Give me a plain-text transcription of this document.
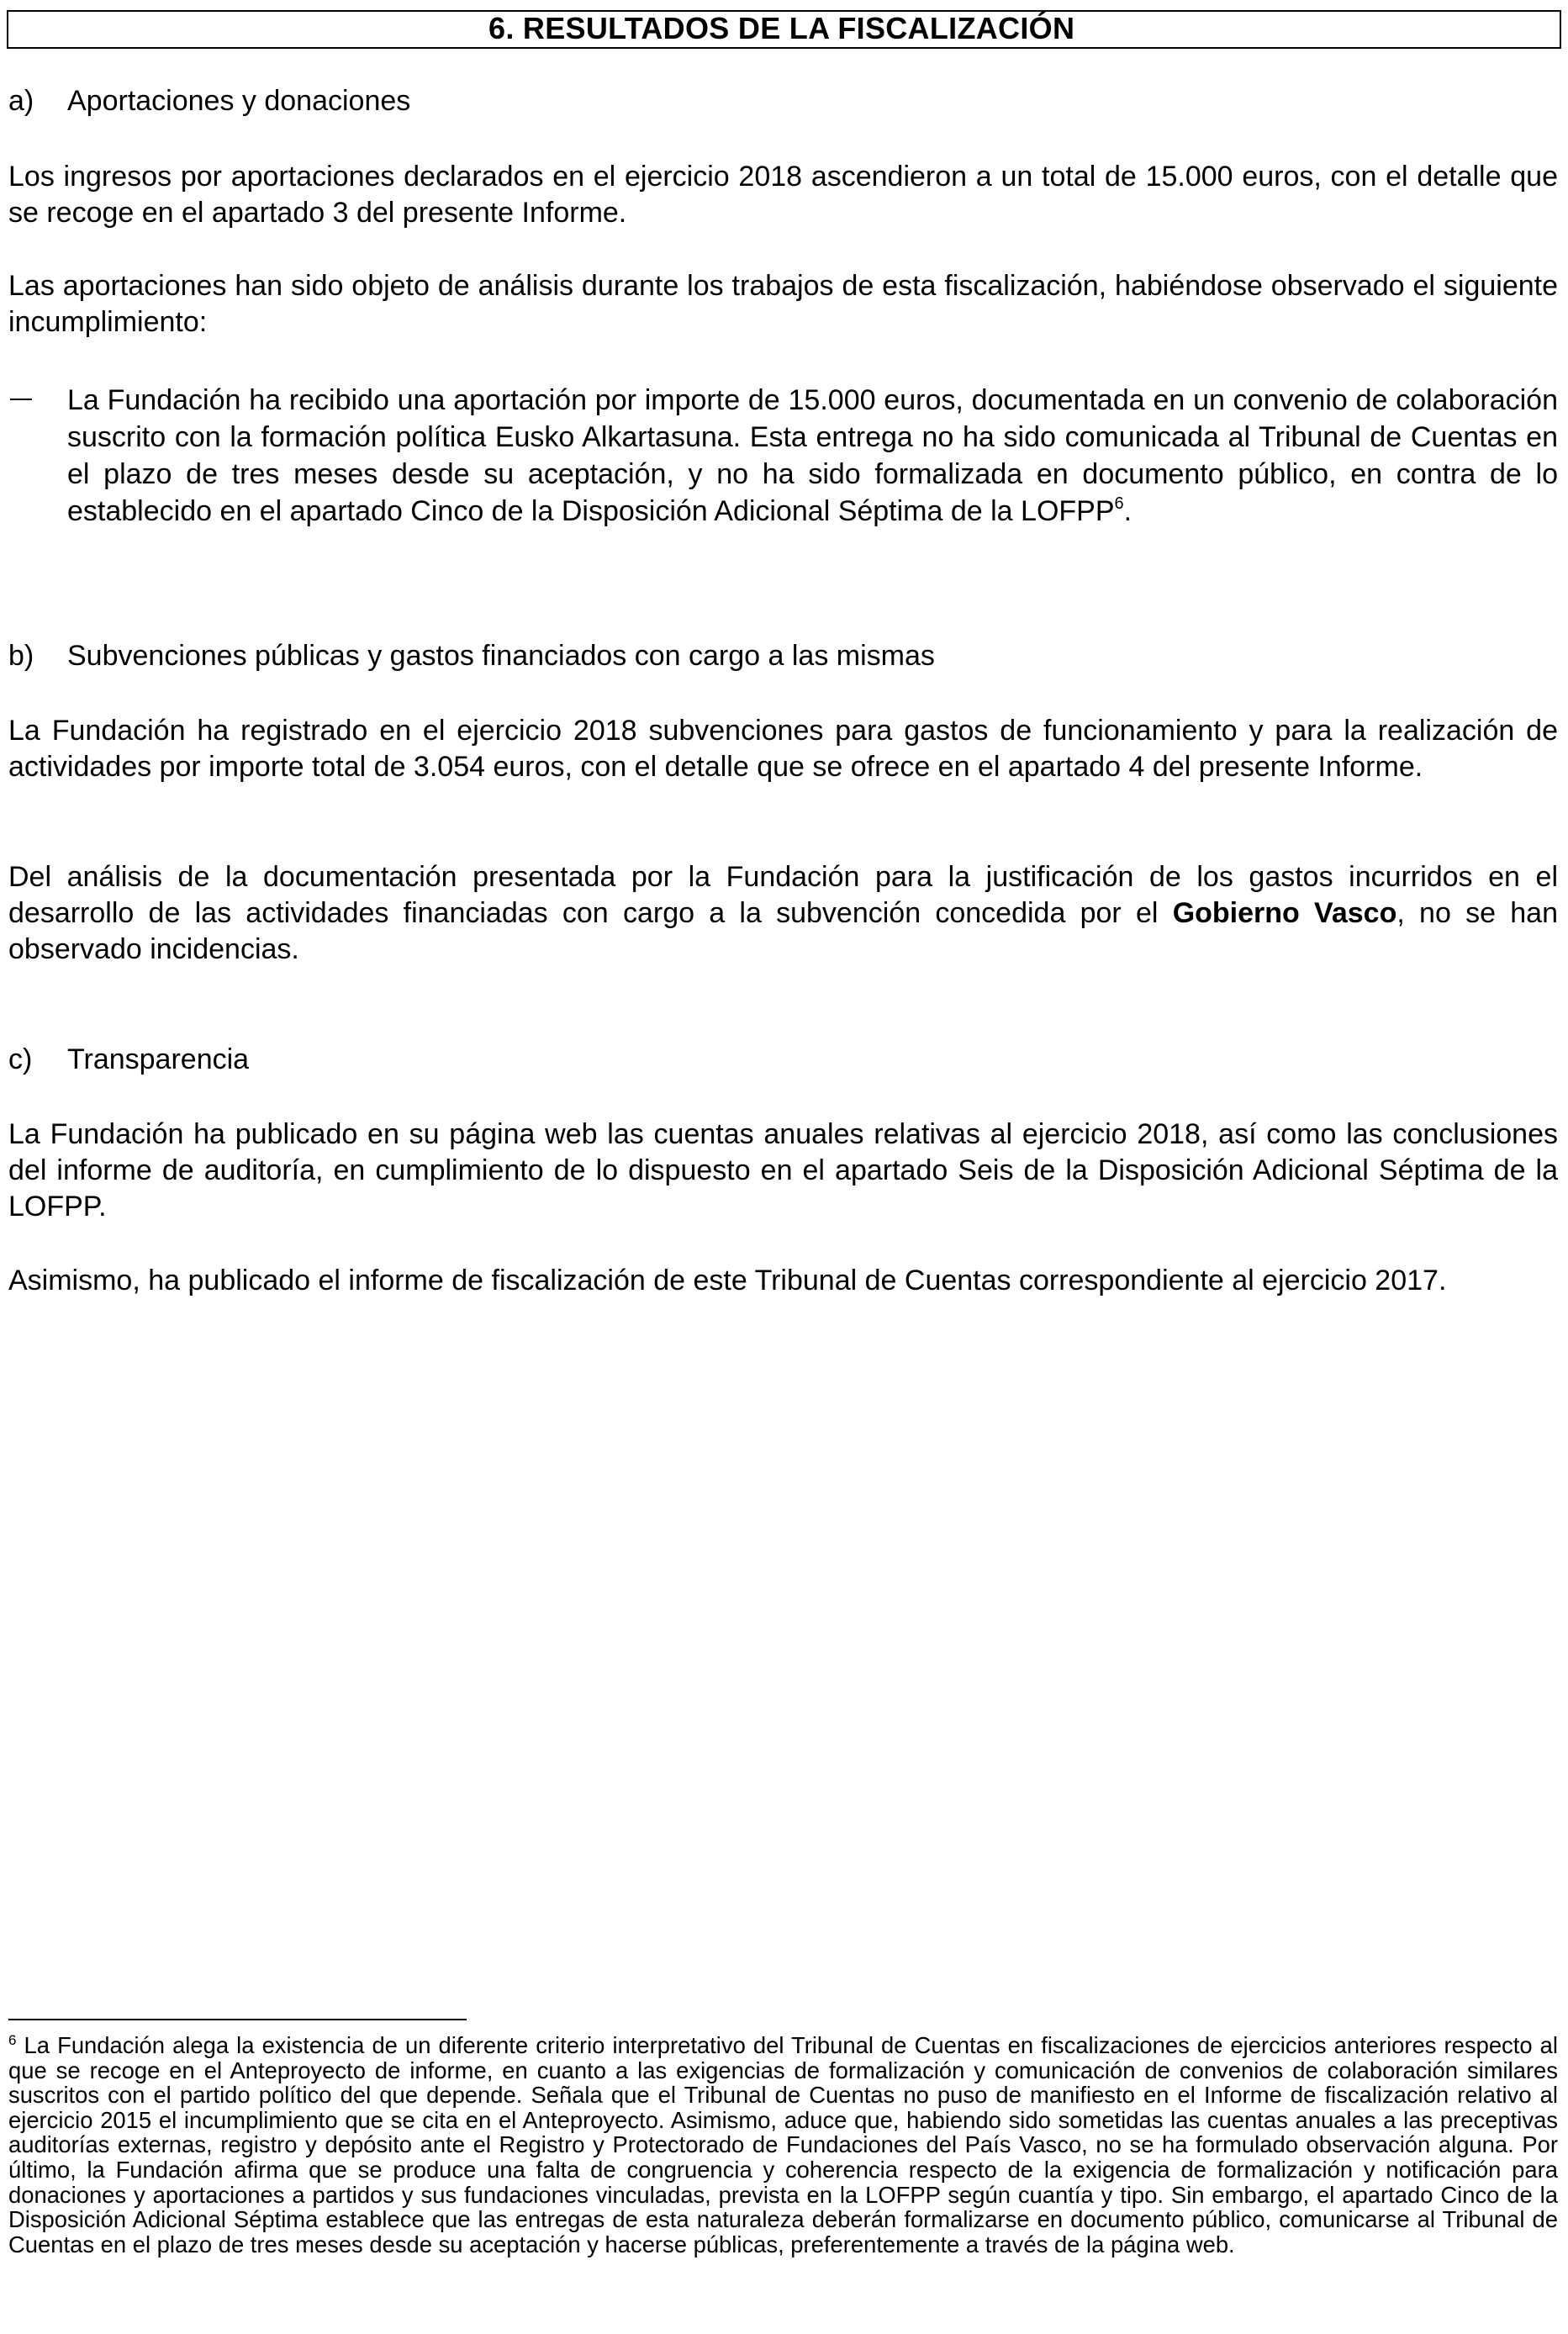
6. RESULTADOS DE LA FISCALIZACIÓN
a) Aportaciones y donaciones

Los ingresos por aportaciones declarados en el ejercicio 2018 ascendieron a un total de 15.000 euros, con el detalle que se recoge en el apartado 3 del presente Informe.

Las aportaciones han sido objeto de análisis durante los trabajos de esta fiscalización, habiéndose observado el siguiente incumplimiento:

La Fundación ha recibido una aportación por importe de 15.000 euros, documentada en un convenio de colaboración suscrito con la formación política Eusko Alkartasuna. Esta entrega no ha sido comunicada al Tribunal de Cuentas en el plazo de tres meses desde su aceptación, y no ha sido formalizada en documento público, en contra de lo establecido en el apartado Cinco de la Disposición Adicional Séptima de la LOFPP$^6$.

b) Subvenciones públicas y gastos financiados con cargo a las mismas

La Fundación ha registrado en el ejercicio 2018 subvenciones para gastos de funcionamiento y para la realización de actividades por importe total de 3.054 euros, con el detalle que se ofrece en el apartado 4 del presente Informe.

Del análisis de la documentación presentada por la Fundación para la justificación de los gastos incurridos en el desarrollo de las actividades financiadas con cargo a la subvención concedida por el Gobierno Vasco, no se han observado incidencias.

c) Transparencia

La Fundación ha publicado en su página web las cuentas anuales relativas al ejercicio 2018, así como las conclusiones del informe de auditoría, en cumplimiento de lo dispuesto en el apartado Seis de la Disposición Adicional Séptima de la LOFPP.

Asimismo, ha publicado el informe de fiscalización de este Tribunal de Cuentas correspondiente al ejercicio 2017.

$^6$ La Fundación alega la existencia de un diferente criterio interpretativo del Tribunal de Cuentas en fiscalizaciones de ejercicios anteriores respecto al que se recoge en el Anteproyecto de informe, en cuanto a las exigencias de formalización y comunicación de convenios de colaboración similares suscritos con el partido político del que depende. Señala que el Tribunal de Cuentas no puso de manifiesto en el Informe de fiscalización relativo al ejercicio 2015 el incumplimiento que se cita en el Anteproyecto. Asimismo, aduce que, habiendo sido sometidas las cuentas anuales a las preceptivas auditorías externas, registro y depósito ante el Registro y Protectorado de Fundaciones del País Vasco, no se ha formulado observación alguna. Por último, la Fundación afirma que se produce una falta de congruencia y coherencia respecto de la exigencia de formalización y notificación para donaciones y aportaciones a partidos y sus fundaciones vinculadas, prevista en la LOFPP según cuantía y tipo. Sin embargo, el apartado Cinco de la Disposición Adicional Séptima establece que las entregas de esta naturaleza deberán formalizarse en documento público, comunicarse al Tribunal de Cuentas en el plazo de tres meses desde su aceptación y hacerse públicas, preferentemente a través de la página web.
